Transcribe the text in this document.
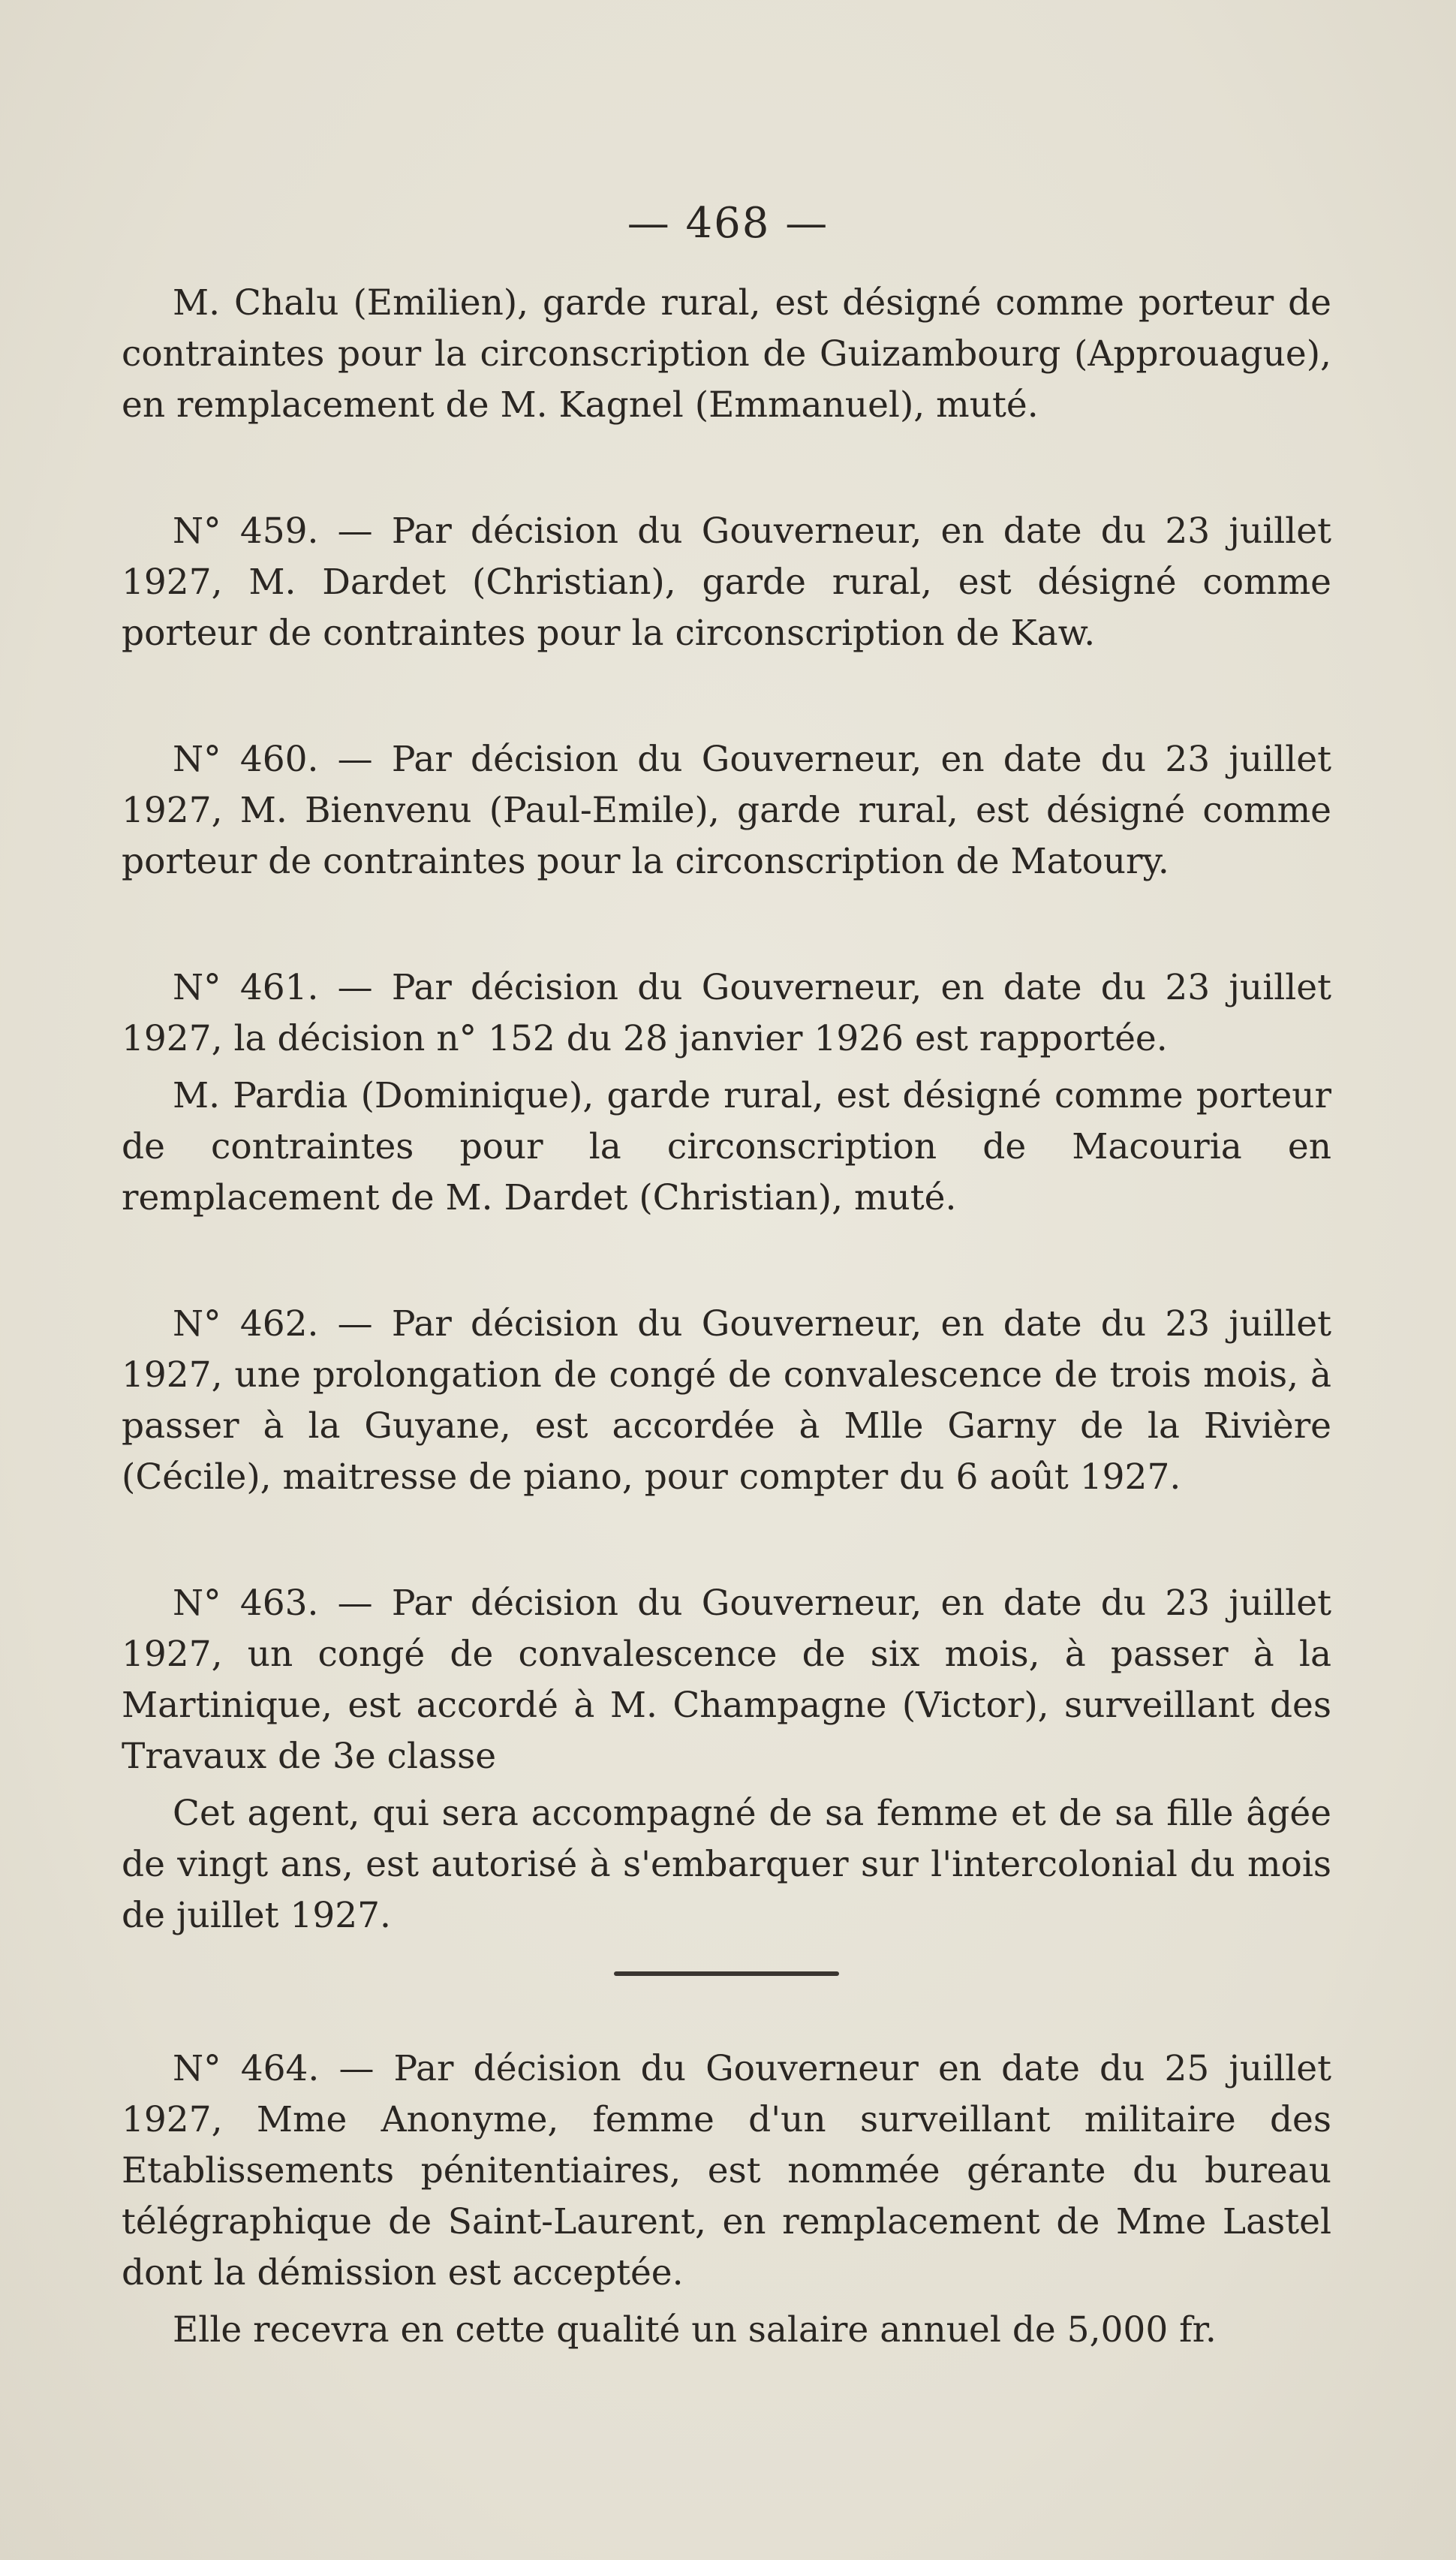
— 468 —

M. Chalu (Emilien), garde rural, est désigné comme porteur de contraintes pour la circonscription de Guizambourg (Approuague), en remplacement de M. Kagnel (Emmanuel), muté.

N° 459. — Par décision du Gouverneur, en date du 23 juillet 1927, M. Dardet (Christian), garde rural, est désigné comme porteur de contraintes pour la circonscription de Kaw.

N° 460. — Par décision du Gouverneur, en date du 23 juillet 1927, M. Bienvenu (Paul-Emile), garde rural, est désigné comme porteur de contraintes pour la circonscription de Matoury.

N° 461. — Par décision du Gouverneur, en date du 23 juillet 1927, la décision n° 152 du 28 janvier 1926 est rapportée.

M. Pardia (Dominique), garde rural, est désigné comme porteur de contraintes pour la circonscription de Macouria en remplacement de M. Dardet (Christian), muté.

N° 462. — Par décision du Gouverneur, en date du 23 juillet 1927, une prolongation de congé de convalescence de trois mois, à passer à la Guyane, est accordée à Mlle Garny de la Rivière (Cécile), maitresse de piano, pour compter du 6 août 1927.

N° 463. — Par décision du Gouverneur, en date du 23 juillet 1927, un congé de convalescence de six mois, à passer à la Martinique, est accordé à M. Champagne (Victor), surveillant des Travaux de 3e classe

Cet agent, qui sera accompagné de sa femme et de sa fille âgée de vingt ans, est autorisé à s'embarquer sur l'intercolonial du mois de juillet 1927.

N° 464. — Par décision du Gouverneur en date du 25 juillet 1927, Mme Anonyme, femme d'un surveillant militaire des Etablissements pénitentiaires, est nommée gérante du bureau télégraphique de Saint-Laurent, en remplacement de Mme Lastel dont la démission est acceptée.

Elle recevra en cette qualité un salaire annuel de 5,000 fr.
